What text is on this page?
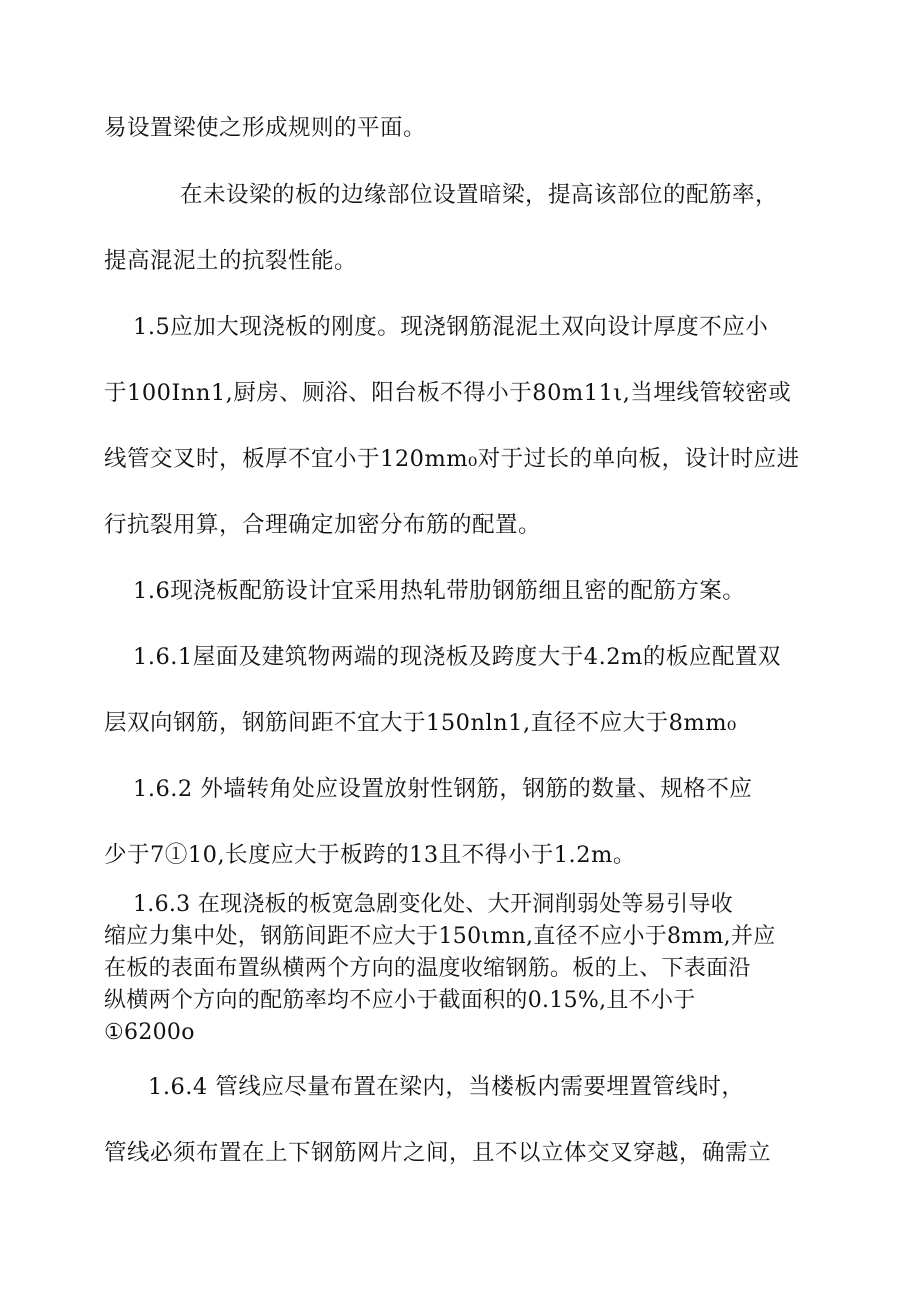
易设置梁使之形成规则的平面。
在未设梁的板的边缘部位设置暗梁，提高该部位的配筋率，
提高混泥土的抗裂性能。
1.5应加大现浇板的刚度。现浇钢筋混泥土双向设计厚度不应小
于100Inn1,厨房、厕浴、阳台板不得小于80m11ι,当埋线管较密或
线管交叉时，板厚不宜小于120mm₀对于过长的单向板，设计时应进
行抗裂用算，合理确定加密分布筋的配置。
1.6现浇板配筋设计宜采用热轧带肋钢筋细且密的配筋方案。
1.6.1屋面及建筑物两端的现浇板及跨度大于4.2m的板应配置双
层双向钢筋，钢筋间距不宜大于150nln1,直径不应大于8mm₀
1.6.2 外墙转角处应设置放射性钢筋，钢筋的数量、规格不应
少于7①10,长度应大于板跨的13且不得小于1.2m。
1.6.3 在现浇板的板宽急剧变化处、大开洞削弱处等易引导收
缩应力集中处，钢筋间距不应大于150ιmn,直径不应小于8mm,并应
在板的表面布置纵横两个方向的温度收缩钢筋。板的上、下表面沿
纵横两个方向的配筋率均不应小于截面积的0.15%,且不小于
①6200o
1.6.4 管线应尽量布置在梁内，当楼板内需要埋置管线时，
管线必须布置在上下钢筋网片之间，且不以立体交叉穿越，确需立
